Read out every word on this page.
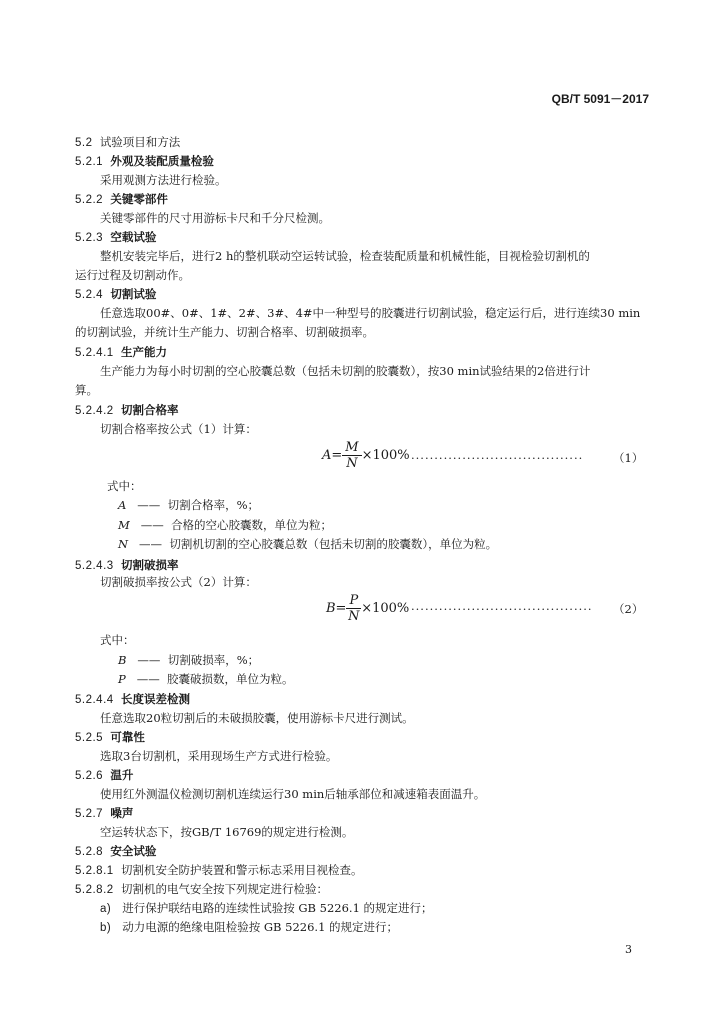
QB/T 5091－2017
5.2 试验项目和方法
5.2.1 外观及装配质量检验
采用观测方法进行检验。
5.2.2 关键零部件
关键零部件的尺寸用游标卡尺和千分尺检测。
5.2.3 空载试验
整机安装完毕后，进行2 h的整机联动空运转试验，检查装配质量和机械性能，目视检验切割机的
运行过程及切割动作。
5.2.4 切割试验
任意选取00#、0#、1#、2#、3#、4#中一种型号的胶囊进行切割试验，稳定运行后，进行连续30 min
的切割试验，并统计生产能力、切割合格率、切割破损率。
5.2.4.1 生产能力
生产能力为每小时切割的空心胶囊总数（包括未切割的胶囊数），按30 min试验结果的2倍进行计
算。
5.2.4.2 切割合格率
切割合格率按公式（1）计算：
$A= \frac{M}{N} \times 100\%$ ·····································	（1）
式中：
A —— 切割合格率，%；
M —— 合格的空心胶囊数，单位为粒；
N —— 切割机切割的空心胶囊总数（包括未切割的胶囊数），单位为粒。
5.2.4.3 切割破损率
切割破损率按公式（2）计算：
$B= \frac{P}{N} \times 100\%$ ······································· （2）
式中：
B —— 切割破损率，%；
P —— 胶囊破损数，单位为粒。
5.2.4.4 长度误差检测
任意选取20粒切割后的未破损胶囊，使用游标卡尺进行测试。
5.2.5 可靠性
选取3台切割机，采用现场生产方式进行检验。
5.2.6 温升
使用红外测温仪检测切割机连续运行30 min后轴承部位和减速箱表面温升。
5.2.7 噪声
空运转状态下，按GB/T 16769的规定进行检测。
5.2.8 安全试验
5.2.8.1 切割机安全防护装置和警示标志采用目视检查。
5.2.8.2 切割机的电气安全按下列规定进行检验：
a) 进行保护联结电路的连续性试验按 GB 5226.1 的规定进行；
b) 动力电源的绝缘电阻检验按 GB 5226.1 的规定进行；
3
